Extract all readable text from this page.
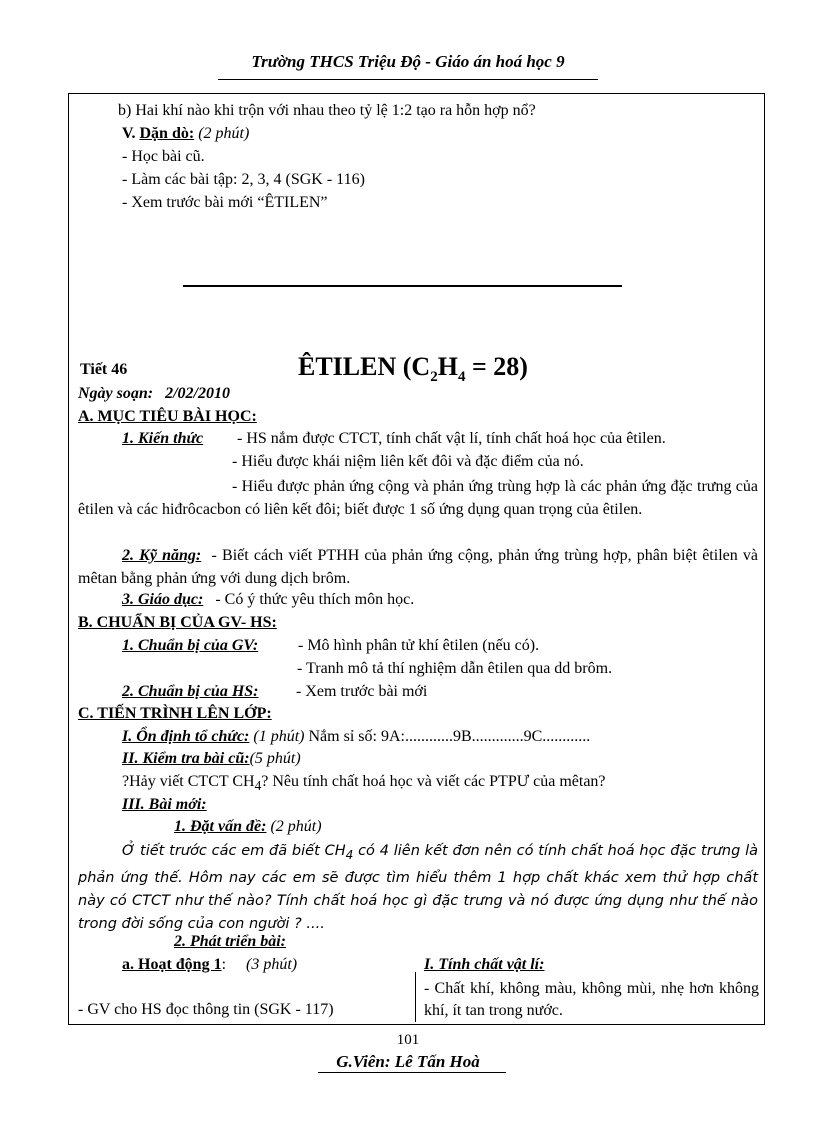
Trường THCS Triệu Độ - Giáo án hoá học 9
b) Hai khí nào khi trộn với nhau theo tỷ lệ 1:2 tạo ra hỗn hợp nổ?
V. Dặn dò: (2 phút)
- Học bài cũ.
- Làm các bài tập: 2, 3, 4 (SGK - 116)
- Xem trước bài mới “ÊTILEN”
Tiết 46	ÊTILEN $(C_2H_4 = 28)$
Ngày soạn: 2/02/2010
A. MỤC TIÊU BÀI HỌC:
1. Kiến thức - HS nắm được CTCT, tính chất vật lí, tính chất hoá học của êtilen.
- Hiểu được khái niệm liên kết đôi và đặc điểm của nó.
- Hiểu được phản ứng cộng và phản ứng trùng hợp là các phản ứng đặc trưng của êtilen và các hiđrôcacbon có liên kết đôi; biết được 1 số ứng dụng quan trọng của êtilen.
2. Kỹ năng: - Biết cách viết PTHH của phản ứng cộng, phản ứng trùng hợp, phân biệt êtilen và mêtan bằng phản ứng với dung dịch brôm.
3. Giáo dục: - Có ý thức yêu thích môn học.
B. CHUẨN BỊ CỦA GV- HS:
1. Chuẩn bị của GV: - Mô hình phân tử khí êtilen (nếu có).
- Tranh mô tả thí nghiệm dẫn êtilen qua dd brôm.
2. Chuẩn bị của HS: - Xem trước bài mới
C. TIẾN TRÌNH LÊN LỚP:
I. Ổn định tổ chức: (1 phút) Nắm sỉ số: 9A:............9B.............9C............
II. Kiểm tra bài cũ:(5 phút)
?Hảy viết CTCT $CH_4$? Nêu tính chất hoá học và viết các PTPƯ của mêtan?
III. Bài mới:
1. Đặt vấn đề: (2 phút)
Ở tiết trước các em đã biết $CH_4$ có 4 liên kết đơn nên có tính chất hoá học đặc trưng là phản ứng thế. Hôm nay các em sẽ được tìm hiểu thêm 1 hợp chất khác xem thử hợp chất này có CTCT như thế nào? Tính chất hoá học gì đặc trưng và nó được ứng dụng như thế nào trong đời sống của con người ? ....
2. Phát triển bài:
a. Hoạt động 1:     (3 phút)	I. Tính chất vật lí:
- GV cho HS đọc thông tin (SGK - 117)
- Chất khí, không màu, không mùi, nhẹ hơn không khí, ít tan trong nước.
101
G.Viên: Lê Tấn Hoà
